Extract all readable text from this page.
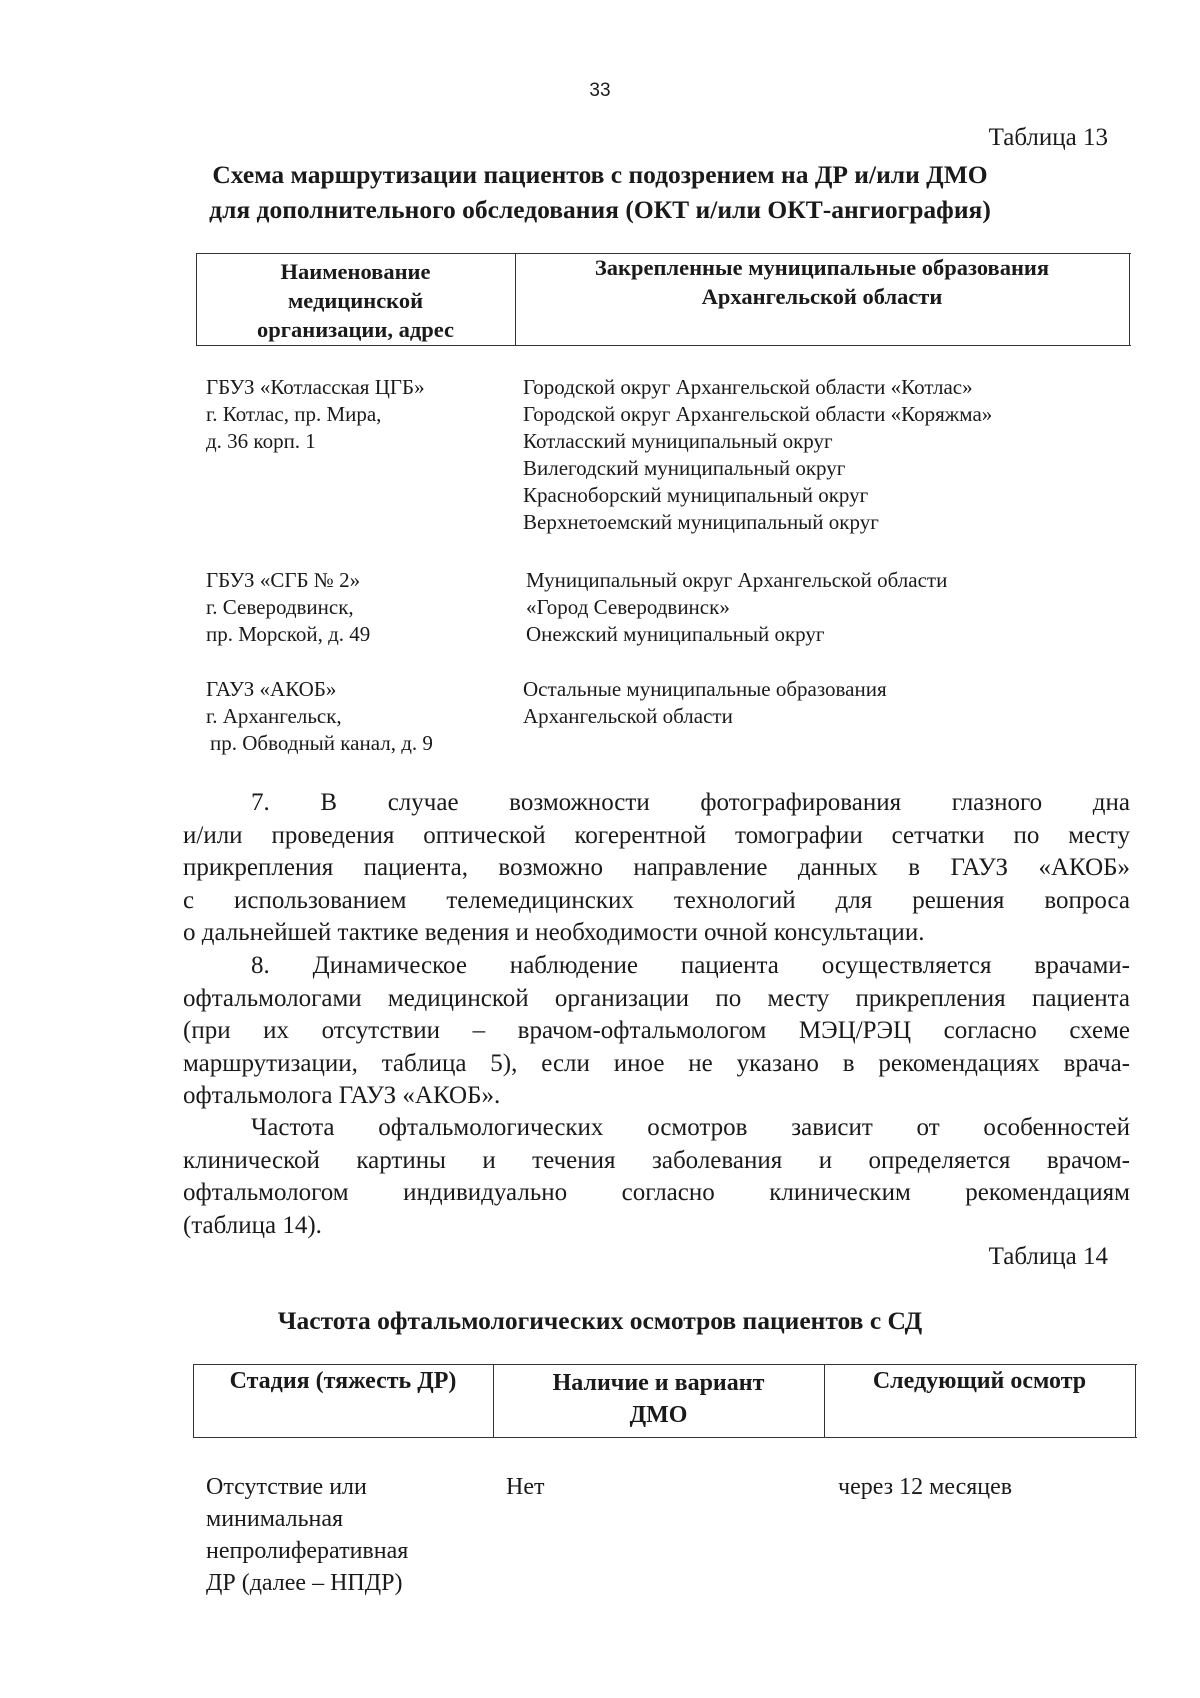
33
Таблица 13
Схема маршрутизации пациентов с подозрением на ДР и/или ДМО
для дополнительного обследования (ОКТ и/или ОКТ-ангиография)
Наименование
медицинской
организации, адрес
Закрепленные муниципальные образования
Архангельской области
ГБУЗ «Котласская ЦГБ»
г. Котлас, пр. Мира,
д. 36 корп. 1
Городской округ Архангельской области «Котлас»
Городской округ Архангельской области «Коряжма»
Котласский муниципальный округ
Вилегодский муниципальный округ
Красноборский муниципальный округ
Верхнетоемский муниципальный округ
ГБУЗ «СГБ № 2»
г. Северодвинск,
пр. Морской, д. 49
Муниципальный округ Архангельской области
«Город Северодвинск»
Онежский муниципальный округ
ГАУЗ «АКОБ»
г. Архангельск,
пр. Обводный канал, д. 9
Остальные муниципальные образования
Архангельской области
7. В случае возможности фотографирования глазного дна
и/или проведения оптической когерентной томографии сетчатки по месту
прикрепления пациента, возможно направление данных в ГАУЗ «АКОБ»
с использованием телемедицинских технологий для решения вопроса
о дальнейшей тактике ведения и необходимости очной консультации.
8. Динамическое наблюдение пациента осуществляется врачами-
офтальмологами медицинской организации по месту прикрепления пациента
(при их отсутствии – врачом-офтальмологом МЭЦ/РЭЦ согласно схеме
маршрутизации, таблица 5), если иное не указано в рекомендациях врача-
офтальмолога ГАУЗ «АКОБ».
Частота офтальмологических осмотров зависит от особенностей
клинической картины и течения заболевания и определяется врачом-
офтальмологом индивидуально согласно клиническим рекомендациям
(таблица 14).
Таблица 14
Частота офтальмологических осмотров пациентов с СД
Стадия (тяжесть ДР)	Наличие и вариант
ДМО
Следующий осмотр
Отсутствие или
минимальная
непролиферативная
ДР (далее – НПДР)
Нет	через 12 месяцев
